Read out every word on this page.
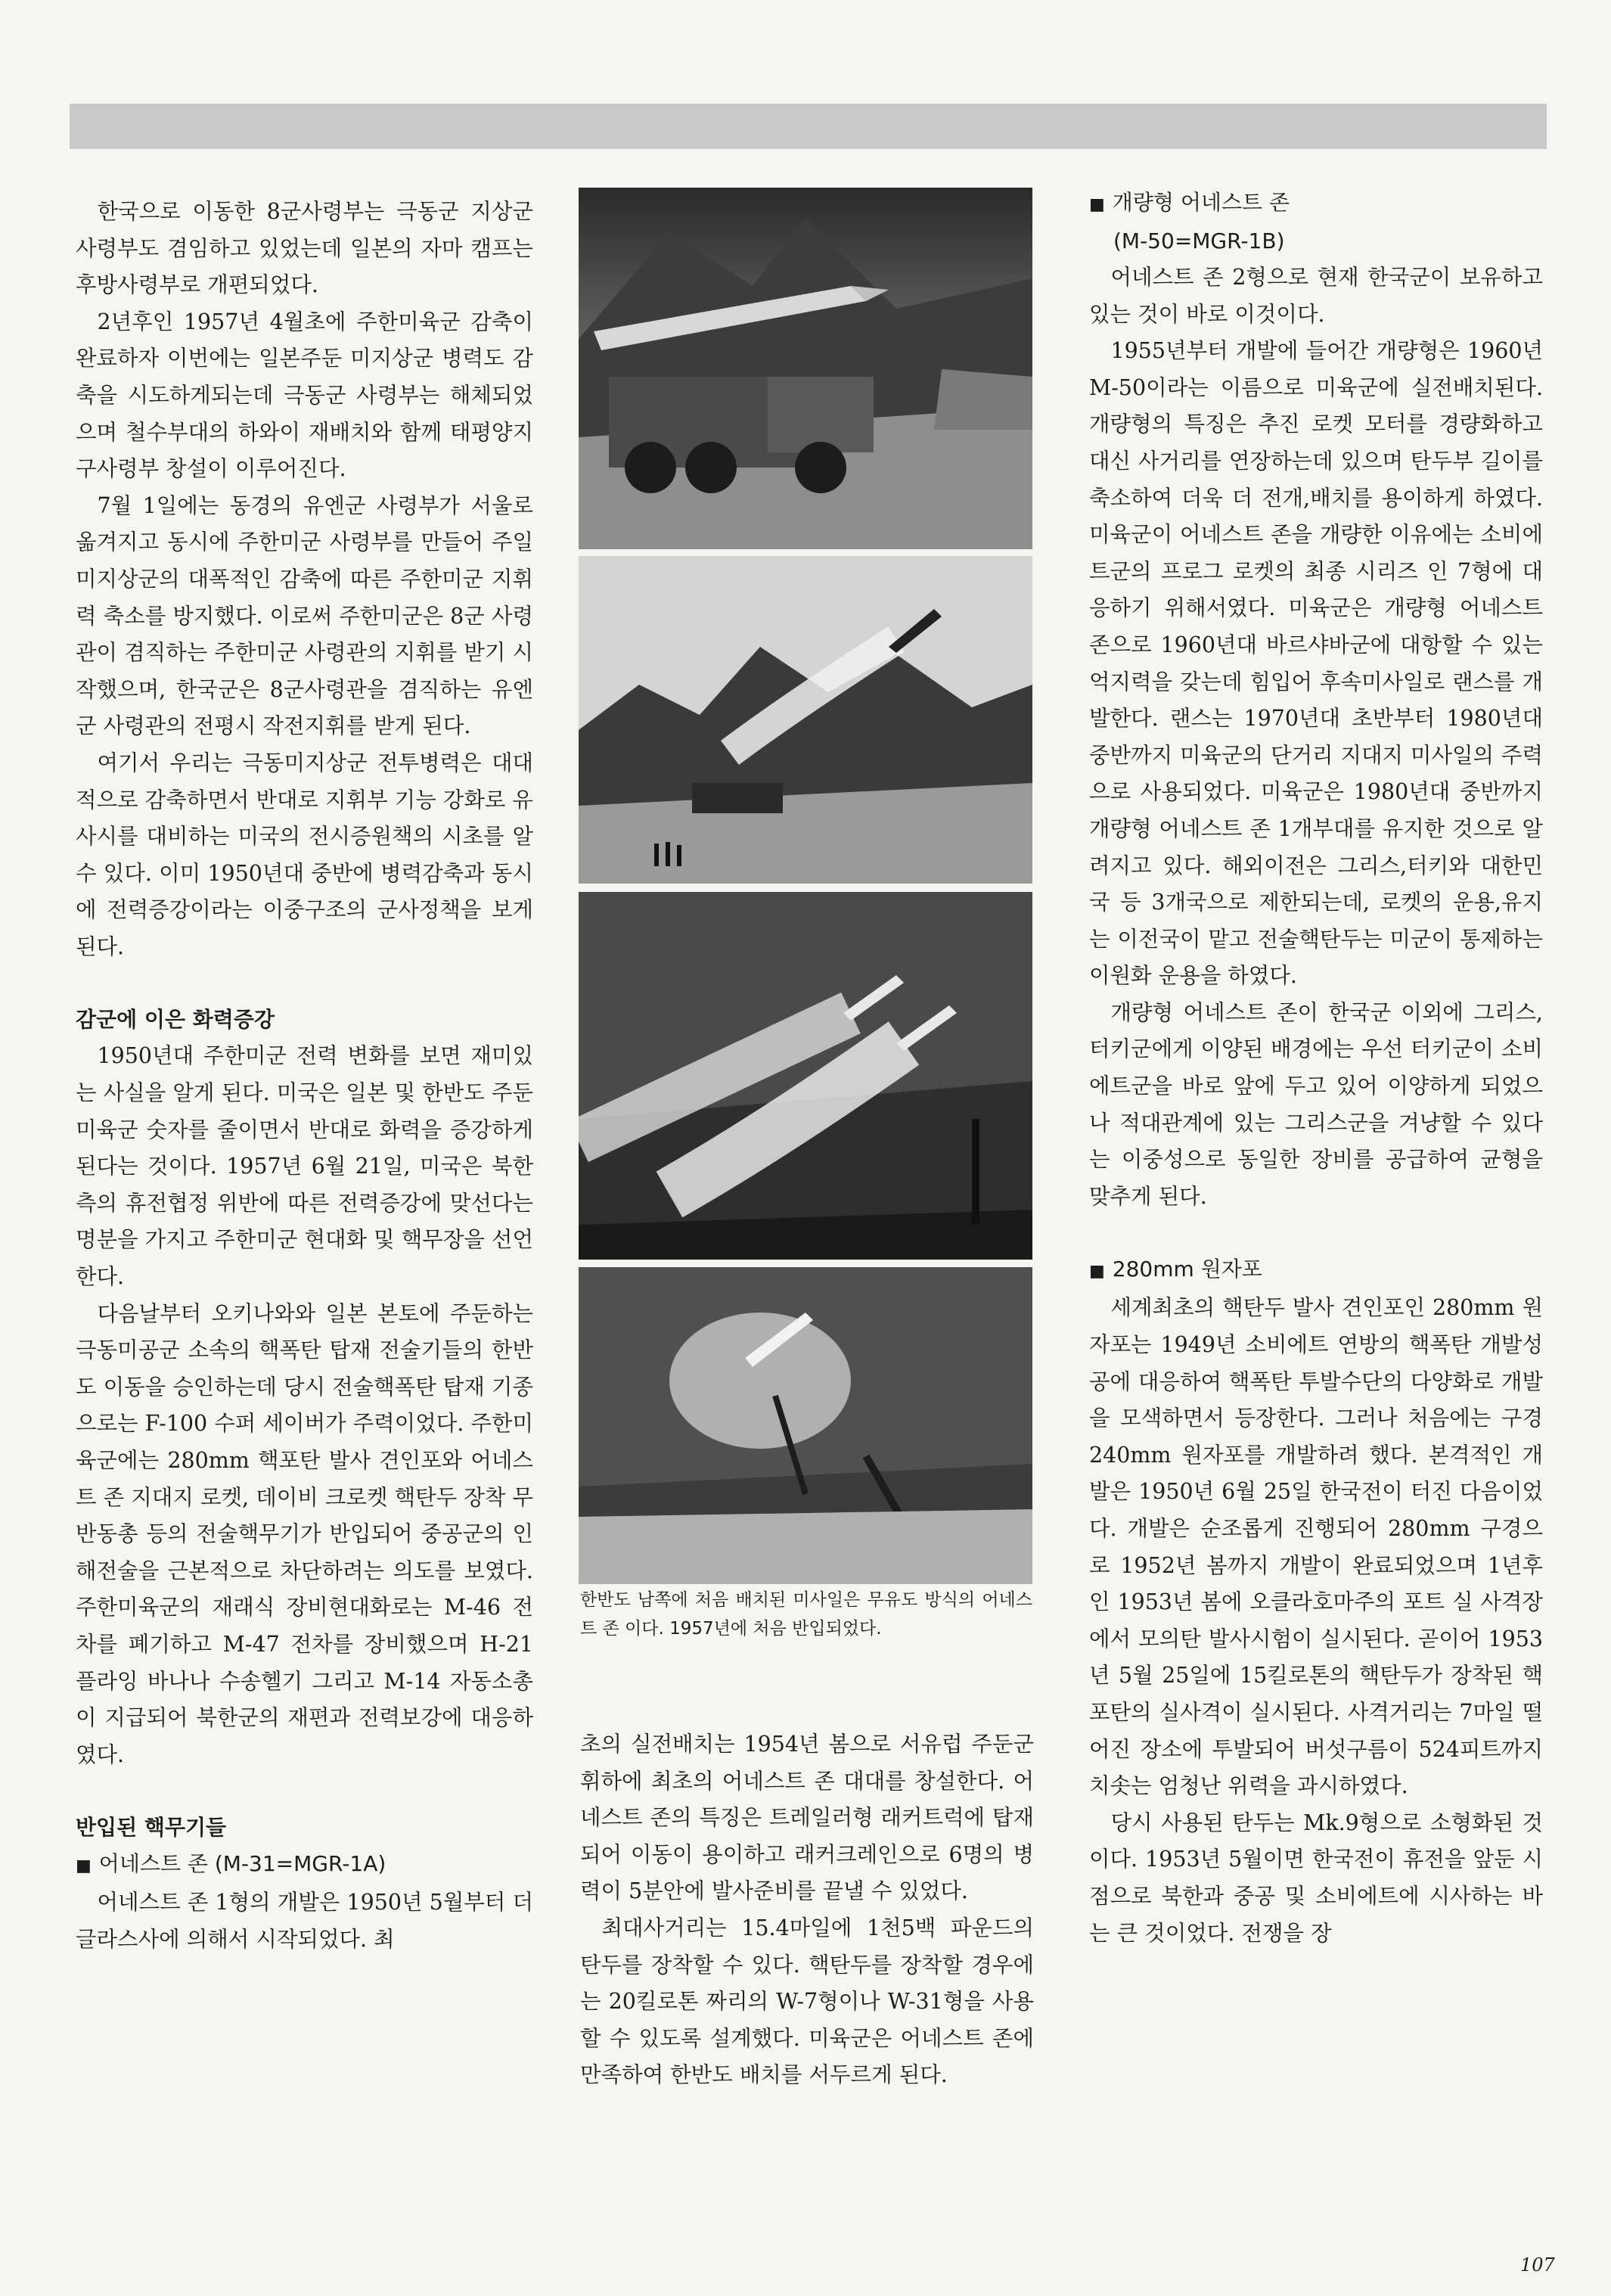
한국으로 이동한 8군사령부는 극동군 지상군 사령부도 겸임하고 있었는데 일본의 자마 캠프는 후방사령부로 개편되었다.

2년후인 1957년 4월초에 주한미육군 감축이 완료하자 이번에는 일본주둔 미지상군 병력도 감축을 시도하게되는데 극동군 사령부는 해체되었으며 철수부대의 하와이 재배치와 함께 태평양지구사령부 창설이 이루어진다.

7월 1일에는 동경의 유엔군 사령부가 서울로 옮겨지고 동시에 주한미군 사령부를 만들어 주일미지상군의 대폭적인 감축에 따른 주한미군 지휘력 축소를 방지했다. 이로써 주한미군은 8군 사령관이 겸직하는 주한미군 사령관의 지휘를 받기 시작했으며, 한국군은 8군사령관을 겸직하는 유엔군 사령관의 전평시 작전지휘를 받게 된다.

여기서 우리는 극동미지상군 전투병력은 대대적으로 감축하면서 반대로 지휘부 기능 강화로 유사시를 대비하는 미국의 전시증원책의 시초를 알 수 있다. 이미 1950년대 중반에 병력감축과 동시에 전력증강이라는 이중구조의 군사정책을 보게 된다.

감군에 이은 화력증강

1950년대 주한미군 전력 변화를 보면 재미있는 사실을 알게 된다. 미국은 일본 및 한반도 주둔 미육군 숫자를 줄이면서 반대로 화력을 증강하게 된다는 것이다. 1957년 6월 21일, 미국은 북한측의 휴전협정 위반에 따른 전력증강에 맞선다는 명분을 가지고 주한미군 현대화 및 핵무장을 선언한다.

다음날부터 오키나와와 일본 본토에 주둔하는 극동미공군 소속의 핵폭탄 탑재 전술기들의 한반도 이동을 승인하는데 당시 전술핵폭탄 탑재 기종으로는 F-100 수퍼 세이버가 주력이었다. 주한미육군에는 280mm 핵포탄 발사 견인포와 어네스트 존 지대지 로켓, 데이비 크로켓 핵탄두 장착 무반동총 등의 전술핵무기가 반입되어 중공군의 인해전술을 근본적으로 차단하려는 의도를 보였다. 주한미육군의 재래식 장비현대화로는 M-46 전차를 폐기하고 M-47 전차를 장비했으며 H-21 플라잉 바나나 수송헬기 그리고 M-14 자동소총이 지급되어 북한군의 재편과 전력보강에 대응하였다.

반입된 핵무기들
■ 어네스트 존 (M-31=MGR-1A)

어네스트 존 1형의 개발은 1950년 5월부터 더글라스사에 의해서 시작되었다. 최

한반도 남쪽에 처음 배치된 미사일은 무유도 방식의 어네스트 존 이다. 1957년에 처음 반입되었다.

초의 실전배치는 1954년 봄으로 서유럽 주둔군 휘하에 최초의 어네스트 존 대대를 창설한다. 어네스트 존의 특징은 트레일러형 래커트럭에 탑재되어 이동이 용이하고 래커크레인으로 6명의 병력이 5분안에 발사준비를 끝낼 수 있었다.

최대사거리는 15.4마일에 1천5백 파운드의 탄두를 장착할 수 있다. 핵탄두를 장착할 경우에는 20킬로톤 짜리의 W-7형이나 W-31형을 사용할 수 있도록 설계했다. 미육군은 어네스트 존에 만족하여 한반도 배치를 서두르게 된다.

■ 개량형 어네스트 존
(M-50=MGR-1B)

어네스트 존 2형으로 현재 한국군이 보유하고 있는 것이 바로 이것이다.

1955년부터 개발에 들어간 개량형은 1960년 M-50이라는 이름으로 미육군에 실전배치된다. 개량형의 특징은 추진 로켓 모터를 경량화하고 대신 사거리를 연장하는데 있으며 탄두부 길이를 축소하여 더욱 더 전개,배치를 용이하게 하였다. 미육군이 어네스트 존을 개량한 이유에는 소비에트군의 프로그 로켓의 최종 시리즈 인 7형에 대응하기 위해서였다. 미육군은 개량형 어네스트 존으로 1960년대 바르샤바군에 대항할 수 있는 억지력을 갖는데 힘입어 후속미사일로 랜스를 개발한다. 랜스는 1970년대 초반부터 1980년대 중반까지 미육군의 단거리 지대지 미사일의 주력으로 사용되었다. 미육군은 1980년대 중반까지 개량형 어네스트 존 1개부대를 유지한 것으로 알려지고 있다. 해외이전은 그리스,터키와 대한민국 등 3개국으로 제한되는데, 로켓의 운용,유지는 이전국이 맡고 전술핵탄두는 미군이 통제하는 이원화 운용을 하였다.

개량형 어네스트 존이 한국군 이외에 그리스,터키군에게 이양된 배경에는 우선 터키군이 소비에트군을 바로 앞에 두고 있어 이양하게 되었으나 적대관계에 있는 그리스군을 겨냥할 수 있다는 이중성으로 동일한 장비를 공급하여 균형을 맞추게 된다.

■ 280mm 원자포

세계최초의 핵탄두 발사 견인포인 280mm 원자포는 1949년 소비에트 연방의 핵폭탄 개발성공에 대응하여 핵폭탄 투발수단의 다양화로 개발을 모색하면서 등장한다. 그러나 처음에는 구경 240mm 원자포를 개발하려 했다. 본격적인 개발은 1950년 6월 25일 한국전이 터진 다음이었다. 개발은 순조롭게 진행되어 280mm 구경으로 1952년 봄까지 개발이 완료되었으며 1년후인 1953년 봄에 오클라호마주의 포트 실 사격장에서 모의탄 발사시험이 실시된다. 곧이어 1953년 5월 25일에 15킬로톤의 핵탄두가 장착된 핵포탄의 실사격이 실시된다. 사격거리는 7마일 떨어진 장소에 투발되어 버섯구름이 524피트까지 치솟는 엄청난 위력을 과시하였다.

당시 사용된 탄두는 Mk.9형으로 소형화된 것이다. 1953년 5월이면 한국전이 휴전을 앞둔 시점으로 북한과 중공 및 소비에트에 시사하는 바는 큰 것이었다. 전쟁을 장

107
